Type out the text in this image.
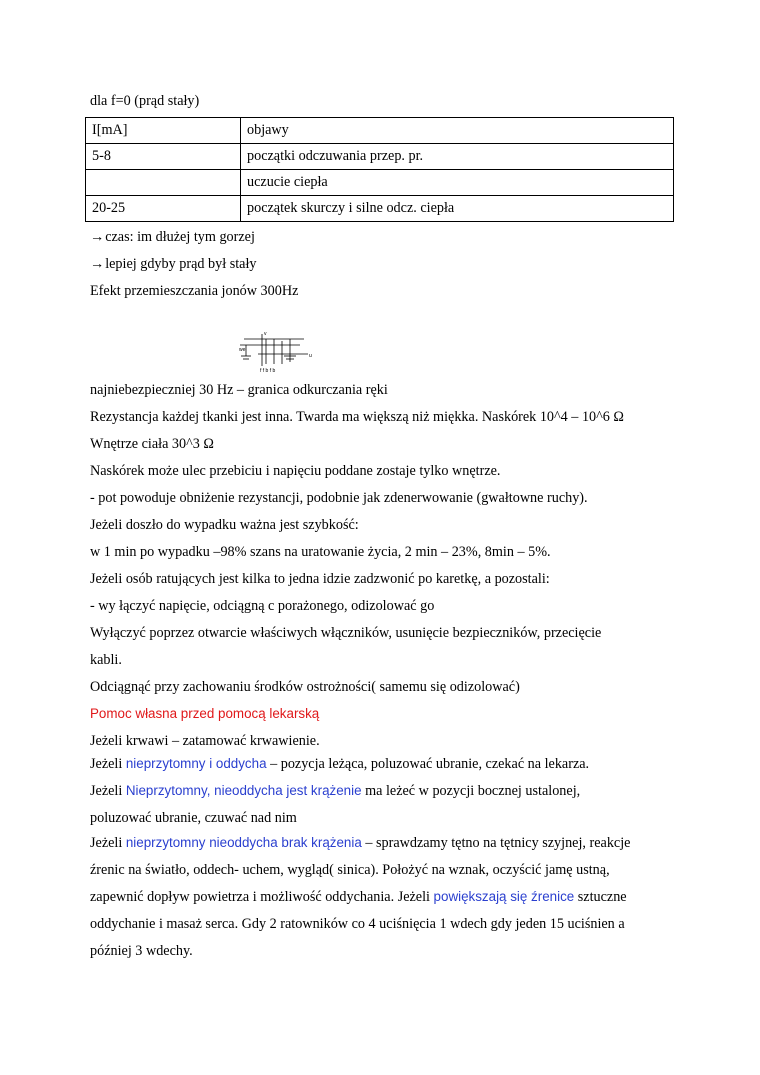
dla f=0 (prąd stały)
I[mA]	objawy
5-8	początki odczuwania przep. pr.
	uczucie ciepła
20-25	początek skurczy i silne odcz. ciepła
→czas: im dłużej tym gorzej
→lepiej gdyby prąd był stały
Efekt przemieszczania jonów 300Hz
we
f f b f b
u
v
najniebezpieczniej 30 Hz – granica odkurczania ręki
Rezystancja każdej tkanki jest inna. Twarda ma większą niż miękka. Naskórek 10^4 – 10^6 Ω
Wnętrze ciała 30^3 Ω
Naskórek może ulec przebiciu i napięciu poddane zostaje tylko wnętrze.
- pot powoduje obniżenie rezystancji, podobnie jak zdenerwowanie (gwałtowne ruchy).
Jeżeli doszło do wypadku ważna jest szybkość:
w 1 min po wypadku –98% szans na uratowanie życia, 2 min – 23%, 8min – 5%.
Jeżeli osób ratujących jest kilka to jedna idzie zadzwonić po karetkę, a pozostali:
- wy łączyć napięcie, odciągną c porażonego, odizolować go
Wyłączyć poprzez otwarcie właściwych włączników, usunięcie bezpieczników, przecięcie
kabli.
Odciągnąć przy zachowaniu środków ostrożności( samemu się odizolować)
Pomoc własna przed pomocą lekarską
Jeżeli krwawi – zatamować krwawienie.
Jeżeli nieprzytomny i oddycha – pozycja leżąca, poluzować ubranie, czekać na lekarza.
Jeżeli Nieprzytomny, nieoddycha jest krążenie ma leżeć w pozycji bocznej ustalonej,
poluzować ubranie, czuwać nad nim
Jeżeli nieprzytomny nieoddycha brak krążenia – sprawdzamy tętno na tętnicy szyjnej, reakcje
źrenic na światło, oddech- uchem, wygląd( sinica). Położyć na wznak, oczyścić jamę ustną,
zapewnić dopływ powietrza i możliwość oddychania. Jeżeli powiększają się źrenice sztuczne
oddychanie i masaż serca. Gdy 2 ratowników co 4 uciśnięcia 1 wdech gdy jeden 15 uciśnien a
później 3 wdechy.
